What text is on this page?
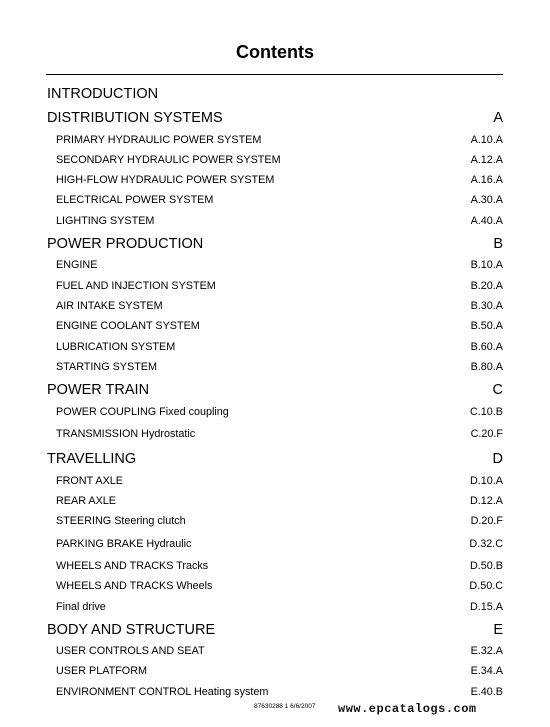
Contents
INTRODUCTION
DISTRIBUTION SYSTEMS	A
PRIMARY HYDRAULIC POWER SYSTEM	A.10.A
SECONDARY HYDRAULIC POWER SYSTEM	A.12.A
HIGH-FLOW HYDRAULIC POWER SYSTEM	A.16.A
ELECTRICAL POWER SYSTEM	A.30.A
LIGHTING SYSTEM	A.40.A
POWER PRODUCTION	B
ENGINE	B.10.A
FUEL AND INJECTION SYSTEM	B.20.A
AIR INTAKE SYSTEM	B.30.A
ENGINE COOLANT SYSTEM	B.50.A
LUBRICATION SYSTEM	B.60.A
STARTING SYSTEM	B.80.A
POWER TRAIN	C
POWER COUPLING Fixed coupling	C.10.B
TRANSMISSION Hydrostatic	C.20.F
TRAVELLING	D
FRONT AXLE	D.10.A
REAR AXLE	D.12.A
STEERING Steering clutch	D.20.F
PARKING BRAKE Hydraulic	D.32.C
WHEELS AND TRACKS Tracks	D.50.B
WHEELS AND TRACKS Wheels	D.50.C
Final drive	D.15.A
BODY AND STRUCTURE	E
USER CONTROLS AND SEAT	E.32.A
USER PLATFORM	E.34.A
ENVIRONMENT CONTROL Heating system	E.40.B
87630288 1 6/6/2007 www.epcatalogs.com
